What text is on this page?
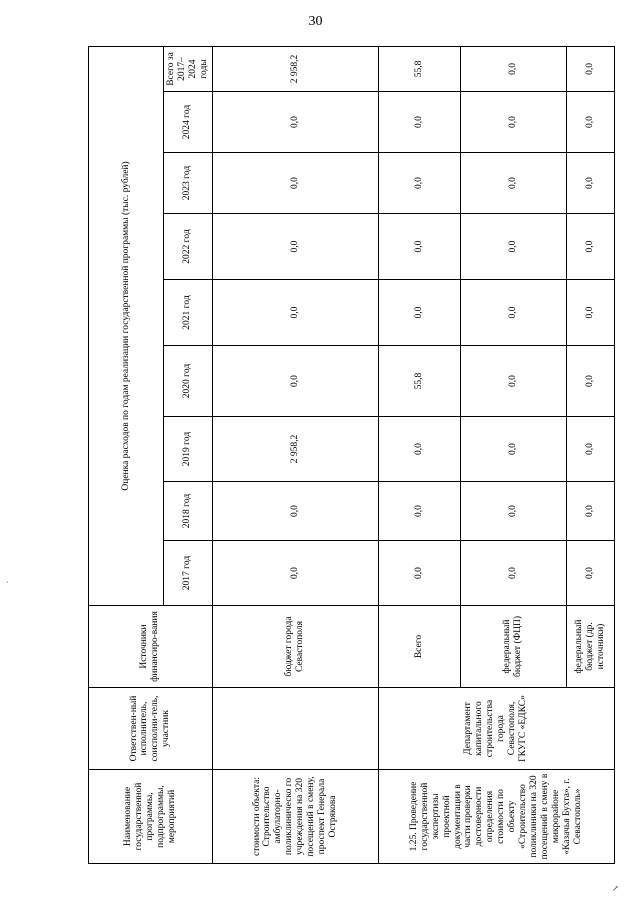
30
Наименование государственной программы, подпрограммы, мероприятий	Ответствен-ный исполнитель, соисполни-тель, участник	Источники финансиро-вания	Оценка расходов по годам реализации государственной программы (тыс. рублей)								
			2017 год	2018 год	2019 год	2020 год	2021 год	2022 год	2023 год	2024 год	Всего за 2017–2024 годы
стоимости объекта: Строительство амбулаторно-поликлиническо го учреждения на 320 посещений в смену, проспект Генерала Острякова		бюджет города Севастополя	0,0	0,0	2 958,2	0,0	0,0	0,0	0,0	0,0	2 958,2
1.25. Проведение государственной экспертизы проектной документации в части проверки достоверности определения стоимости по объекту «Строительство поликлиники на 320 посещений в смену в микрорайоне «Казачья Бухта», г. Севастополь»	Департамент капитального строительства города Севастополя, ГКУГС «ЕДКС»	Всего	0,0	0,0	0,0	55,8	0,0	0,0	0,0	0,0	55,8
		федеральный бюджет (ФЦП)	0,0	0,0	0,0	0,0	0,0	0,0	0,0	0,0	0,0
		федеральный бюджет (др. источники)	0,0	0,0	0,0	0,0	0,0	0,0	0,0	0,0	0,0
·
↗
